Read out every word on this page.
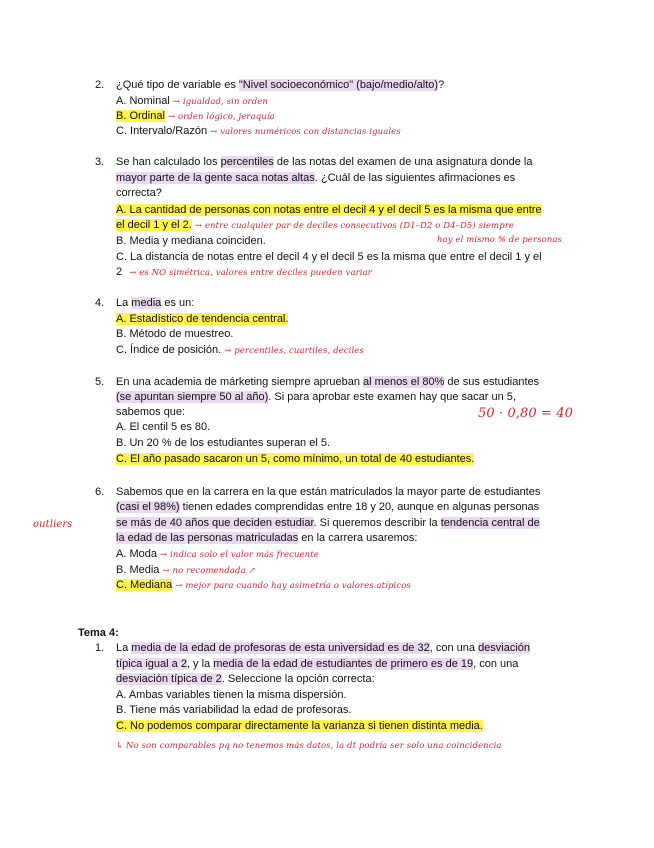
2. ¿Qué tipo de variable es "Nivel socioeconómico" (bajo/medio/alto)?
A. Nominal → igualdad, sin orden
B. Ordinal → orden lógico, jeraquía
C. Intervalo/Razón → valores numéricos con distancias iguales
3. Se han calculado los percentiles de las notas del examen de una asignatura donde la
mayor parte de la gente saca notas altas. ¿Cuál de las siguientes afirmaciones es
correcta?
A. La cantidad de personas con notas entre el decil 4 y el decil 5 es la misma que entre
el decil 1 y el 2. → entre cualquier par de deciles consecutivos (D1–D2 o D4–D5) siempre
hay el mismo % de personas
B. Media y mediana coinciden.
C. La distancia de notas entre el decil 4 y el decil 5 es la misma que entre el decil 1 y el
2 → es NO simétrica, valores entre deciles pueden variar
4. La media es un:
A. Estadístico de tendencia central.
B. Método de muestreo.
C. Índice de posición. → percentiles, cuartiles, deciles
5. En una academia de márketing siempre aprueban al menos el 80% de sus estudiantes
(se apuntan siempre 50 al año). Si para aprobar este examen hay que sacar un 5,
sabemos que:	50 · 0,80 = 40
A. El centil 5 es 80.
B. Un 20 % de los estudiantes superan el 5.
C. El año pasado sacaron un 5, como mínimo, un total de 40 estudiantes.
6.
outliers
Sabemos que en la carrera en la que están matriculados la mayor parte de estudiantes
(casi el 98%) tienen edades comprendidas entre 18 y 20, aunque en algunas personas
se más de 40 años que deciden estudiar. Si queremos describir la tendencia central de
la edad de las personas matriculadas en la carrera usaremos:
A. Moda → indica solo el valor más frecuente
B. Media → no recomendada ↗
C. Mediana → mejor para cuando hay asimetría o valores atípicos
Tema 4:
1. La media de la edad de profesoras de esta universidad es de 32, con una desviación
típica igual a 2, y la media de la edad de estudiantes de primero es de 19, con una
desviación típica de 2. Seleccione la opción correcta:
A. Ambas variables tienen la misma dispersión.
B. Tiene más variabilidad la edad de profesoras.
C. No podemos comparar directamente la varianza si tienen distinta media.
↳ No son comparables pq no tenemos más datos, la dt podría ser solo una coincidencia
